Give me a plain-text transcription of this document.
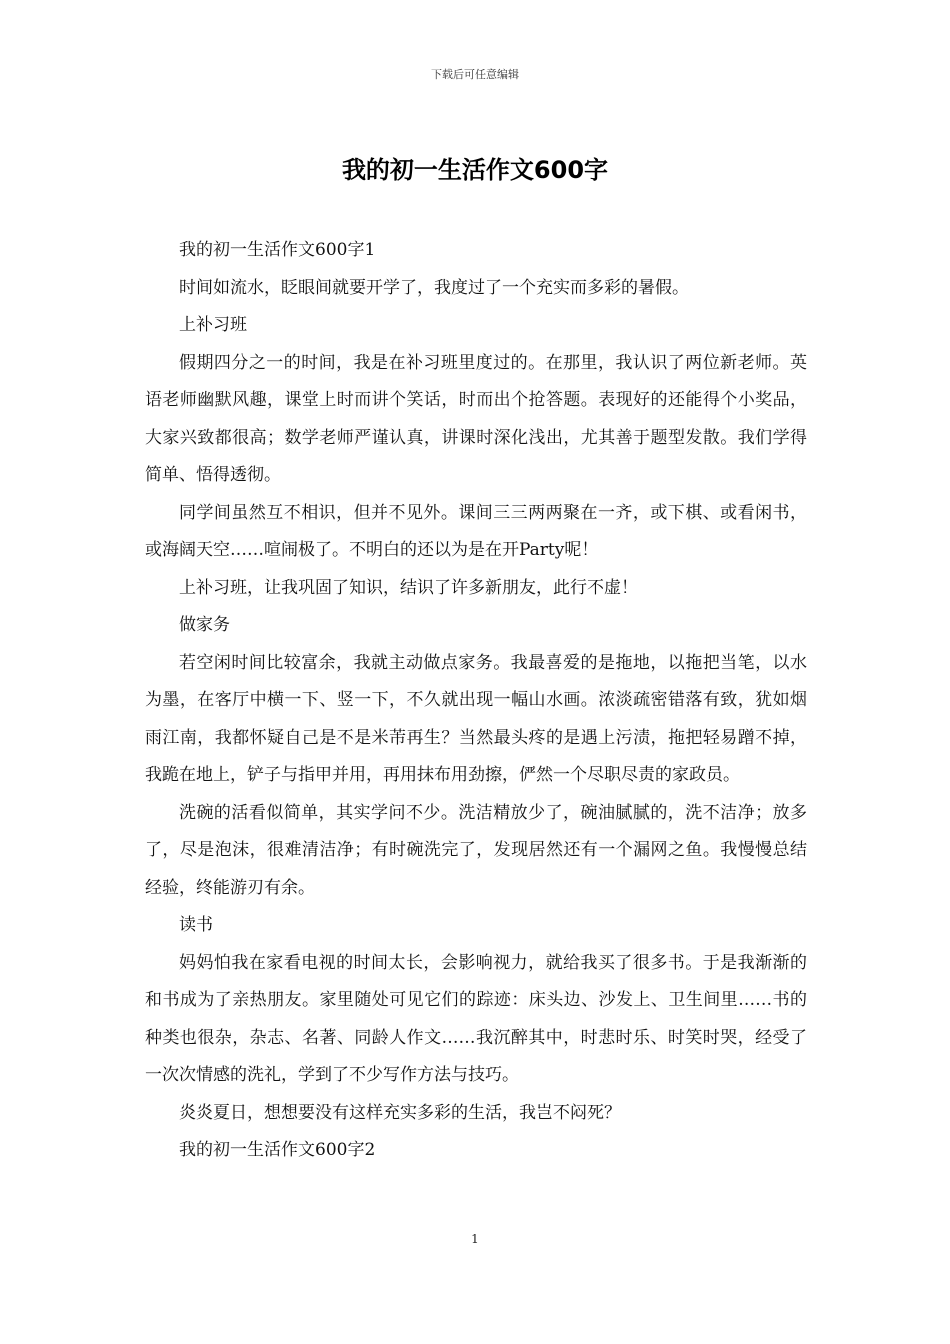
下载后可任意编辑
我的初一生活作文600字

我的初一生活作文600字1

时间如流水，眨眼间就要开学了，我度过了一个充实而多彩的暑假。

上补习班

假期四分之一的时间，我是在补习班里度过的。在那里，我认识了两位新老师。英语老师幽默风趣，课堂上时而讲个笑话，时而出个抢答题。表现好的还能得个小奖品，大家兴致都很高；数学老师严谨认真，讲课时深化浅出，尤其善于题型发散。我们学得简单、悟得透彻。

同学间虽然互不相识，但并不见外。课间三三两两聚在一齐，或下棋、或看闲书，或海阔天空……喧闹极了。不明白的还以为是在开Party呢！

上补习班，让我巩固了知识，结识了许多新朋友，此行不虚！

做家务

若空闲时间比较富余，我就主动做点家务。我最喜爱的是拖地，以拖把当笔，以水为墨，在客厅中横一下、竖一下，不久就出现一幅山水画。浓淡疏密错落有致，犹如烟雨江南，我都怀疑自己是不是米芾再生？当然最头疼的是遇上污渍，拖把轻易蹭不掉，我跪在地上，铲子与指甲并用，再用抹布用劲擦，俨然一个尽职尽责的家政员。

洗碗的活看似简单，其实学问不少。洗洁精放少了，碗油腻腻的，洗不洁净；放多了，尽是泡沫，很难清洁净；有时碗洗完了，发现居然还有一个漏网之鱼。我慢慢总结经验，终能游刃有余。

读书

妈妈怕我在家看电视的时间太长，会影响视力，就给我买了很多书。于是我渐渐的和书成为了亲热朋友。家里随处可见它们的踪迹：床头边、沙发上、卫生间里……书的种类也很杂，杂志、名著、同龄人作文……我沉醉其中，时悲时乐、时笑时哭，经受了一次次情感的洗礼，学到了不少写作方法与技巧。

炎炎夏日，想想要没有这样充实多彩的生活，我岂不闷死？

我的初一生活作文600字2

1
